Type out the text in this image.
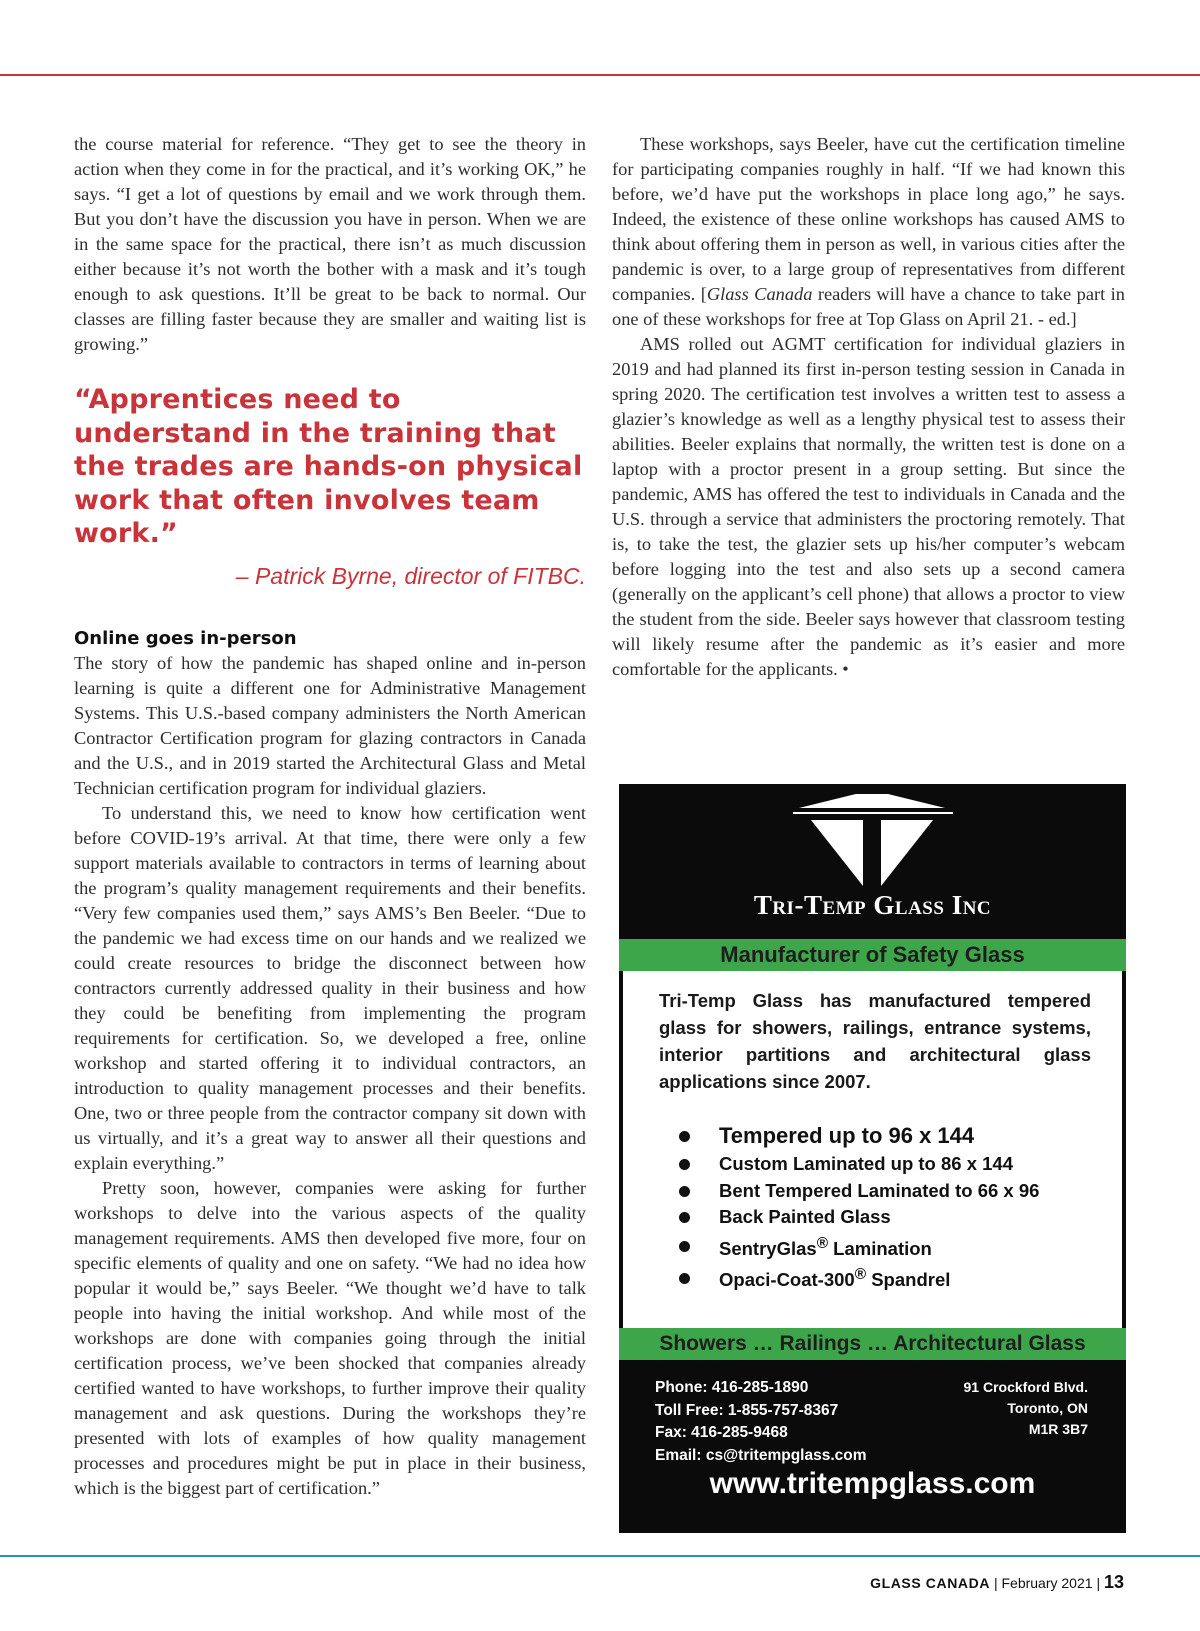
the course material for reference. “They get to see the theory in action when they come in for the practical, and it’s working OK,” he says. “I get a lot of questions by email and we work through them. But you don’t have the discussion you have in person. When we are in the same space for the practical, there isn’t as much discussion either because it’s not worth the bother with a mask and it’s tough enough to ask questions. It’ll be great to be back to normal. Our classes are filling faster because they are smaller and waiting list is growing.”

“Apprentices need to understand in the training that the trades are hands-on physical work that often involves team work.”
– Patrick Byrne, director of FITBC.
Online goes in-person

The story of how the pandemic has shaped online and in-person learning is quite a different one for Administrative Management Systems. This U.S.-based company administers the North American Contractor Certification program for glazing contractors in Canada and the U.S., and in 2019 started the Architectural Glass and Metal Technician certification program for individual glaziers.

To understand this, we need to know how certification went before COVID-19’s arrival. At that time, there were only a few support materials available to contractors in terms of learning about the program’s quality management requirements and their benefits. “Very few companies used them,” says AMS’s Ben Beeler. “Due to the pandemic we had excess time on our hands and we realized we could create resources to bridge the disconnect between how contractors currently addressed quality in their business and how they could be benefiting from implementing the program requirements for certification. So, we developed a free, online workshop and started offering it to individual contractors, an introduction to quality management processes and their benefits. One, two or three people from the contractor company sit down with us virtually, and it’s a great way to answer all their questions and explain everything.”

Pretty soon, however, companies were asking for further workshops to delve into the various aspects of the quality management requirements. AMS then developed five more, four on specific elements of quality and one on safety. “We had no idea how popular it would be,” says Beeler. “We thought we’d have to talk people into having the initial workshop. And while most of the workshops are done with companies going through the initial certification process, we’ve been shocked that companies already certified wanted to have workshops, to further improve their quality management and ask questions. During the workshops they’re presented with lots of examples of how quality management processes and procedures might be put in place in their business, which is the biggest part of certification.”

These workshops, says Beeler, have cut the certification timeline for participating companies roughly in half. “If we had known this before, we’d have put the workshops in place long ago,” he says. Indeed, the existence of these online workshops has caused AMS to think about offering them in person as well, in various cities after the pandemic is over, to a large group of representatives from different companies. [Glass Canada readers will have a chance to take part in one of these workshops for free at Top Glass on April 21. - ed.]

AMS rolled out AGMT certification for individual glaziers in 2019 and had planned its first in-person testing session in Canada in spring 2020. The certification test involves a written test to assess a glazier’s knowledge as well as a lengthy physical test to assess their abilities. Beeler explains that normally, the written test is done on a laptop with a proctor present in a group setting. But since the pandemic, AMS has offered the test to individuals in Canada and the U.S. through a service that administers the proctoring remotely. That is, to take the test, the glazier sets up his/her computer’s webcam before logging into the test and also sets up a second camera (generally on the applicant’s cell phone) that allows a proctor to view the student from the side. Beeler says however that classroom testing will likely resume after the pandemic as it’s easier and more comfortable for the applicants. •

Tri-Temp Glass Inc
Manufacturer of Safety Glass

Tri-Temp Glass has manufactured tempered glass for showers, railings, entrance systems, interior partitions and architectural glass applications since 2007.

Tempered up to 96 x 144
Custom Laminated up to 86 x 144
Bent Tempered Laminated to 66 x 96
Back Painted Glass
SentryGlas® Lamination
Opaci-Coat-300® Spandrel
Showers … Railings … Architectural Glass
Phone: 416-285-1890
Toll Free: 1-855-757-8367
Fax: 416-285-9468
Email: cs@tritempglass.com
91 Crockford Blvd.
Toronto, ON
M1R 3B7
www.tritempglass.com
GLASS CANADA | February 2021 | 13
